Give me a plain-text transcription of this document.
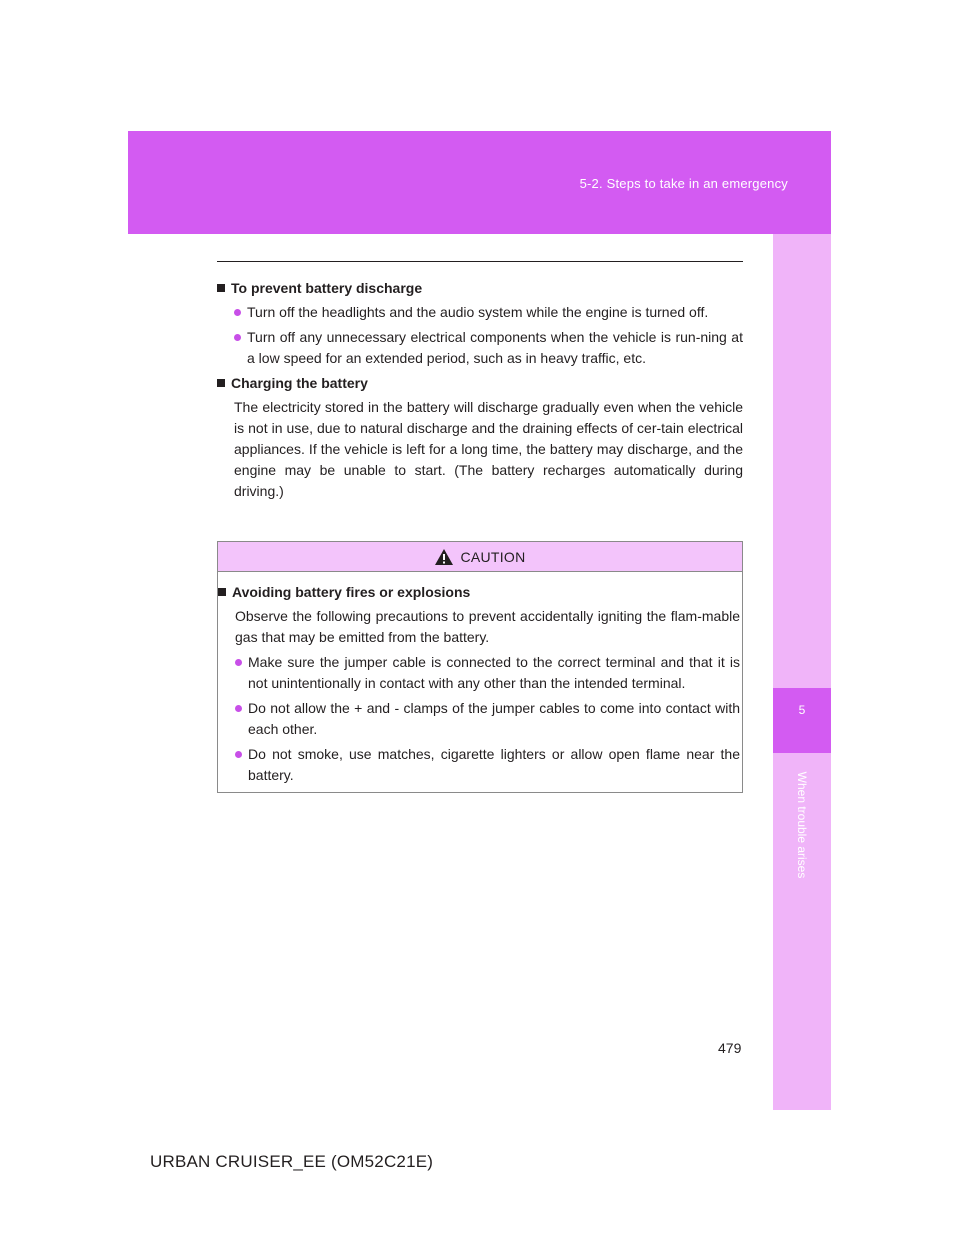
5-2. Steps to take in an emergency
5
When trouble arises
To prevent battery discharge
Turn off the headlights and the audio system while the engine is turned off.
Turn off any unnecessary electrical components when the vehicle is run-ning at a low speed for an extended period, such as in heavy traffic, etc.
Charging the battery
The electricity stored in the battery will discharge gradually even when the vehicle is not in use, due to natural discharge and the draining effects of cer-tain electrical appliances. If the vehicle is left for a long time, the battery may discharge, and the engine may be unable to start. (The battery recharges automatically during driving.)
CAUTION
Avoiding battery fires or explosions
Observe the following precautions to prevent accidentally igniting the flam-mable gas that may be emitted from the battery.
Make sure the jumper cable is connected to the correct terminal and that it is not unintentionally in contact with any other than the intended terminal.
Do not allow the + and - clamps of the jumper cables to come into contact with each other.
Do not smoke, use matches, cigarette lighters or allow open flame near the battery.
479
URBAN CRUISER_EE (OM52C21E)
